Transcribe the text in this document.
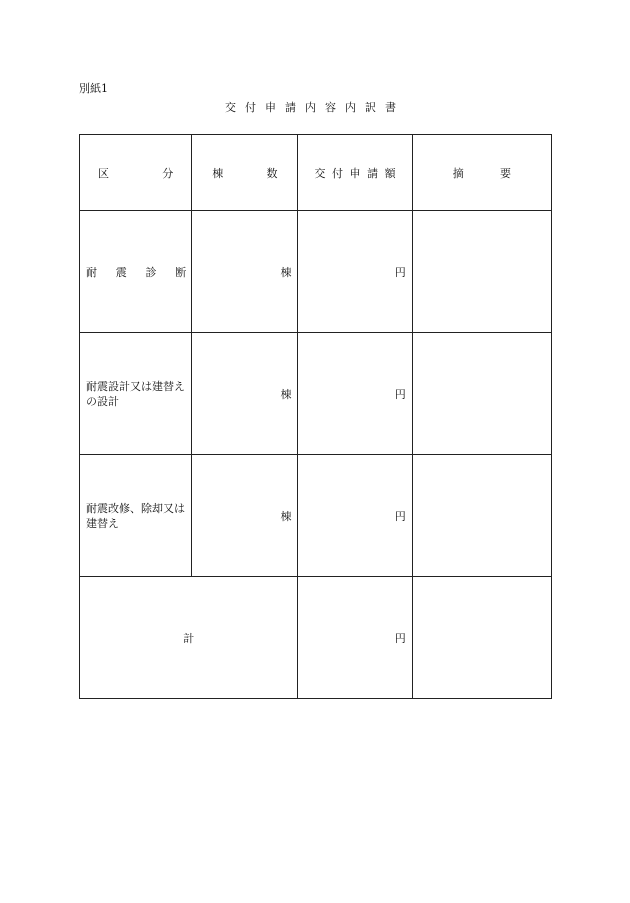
別紙1
交付申請内容内訳書
区 分	棟 数	交 付 申 請 額	摘 要

耐 震 診 断	棟	円	

耐震設計又は建替えの設計	棟	円	

耐震改修、除却又は建替え	棟	円	

計		円	
